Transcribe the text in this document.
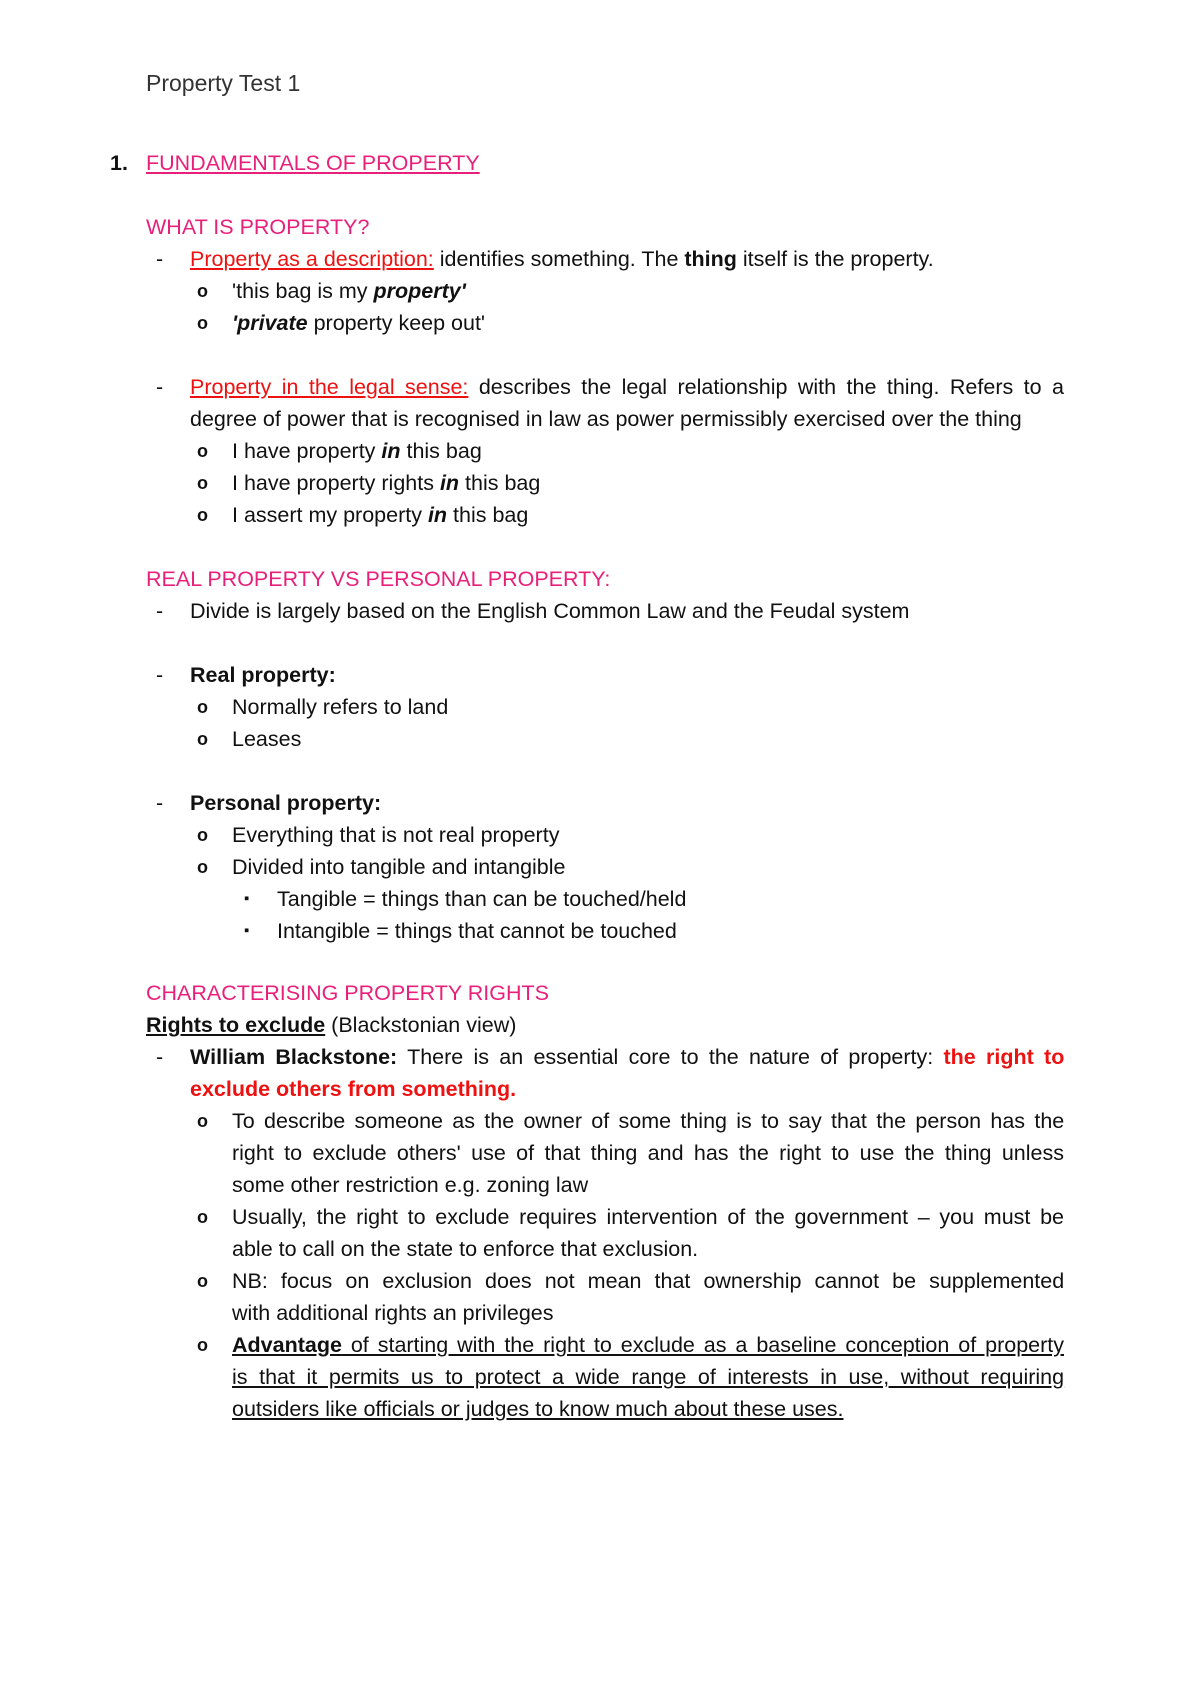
Property Test 1
1. FUNDAMENTALS OF PROPERTY
WHAT IS PROPERTY?
- Property as a description: identifies something. The thing itself is the property.
o 'this bag is my property'
o 'private property keep out'
- Property in the legal sense: describes the legal relationship with the thing. Refers to a
degree of power that is recognised in law as power permissibly exercised over the thing
o I have property in this bag
o I have property rights in this bag
o I assert my property in this bag
REAL PROPERTY VS PERSONAL PROPERTY:
- Divide is largely based on the English Common Law and the Feudal system
- Real property:
o Normally refers to land
o Leases
- Personal property:
o Everything that is not real property
o Divided into tangible and intangible
▪ Tangible = things than can be touched/held
▪ Intangible = things that cannot be touched
CHARACTERISING PROPERTY RIGHTS
Rights to exclude (Blackstonian view)
- William Blackstone: There is an essential core to the nature of property: the right to
exclude others from something.
o To describe someone as the owner of some thing is to say that the person has the
right to exclude others' use of that thing and has the right to use the thing unless
some other restriction e.g. zoning law
o Usually, the right to exclude requires intervention of the government – you must be
able to call on the state to enforce that exclusion.
o NB: focus on exclusion does not mean that ownership cannot be supplemented
with additional rights an privileges
o Advantage of starting with the right to exclude as a baseline conception of property
is that it permits us to protect a wide range of interests in use, without requiring
outsiders like officials or judges to know much about these uses.
